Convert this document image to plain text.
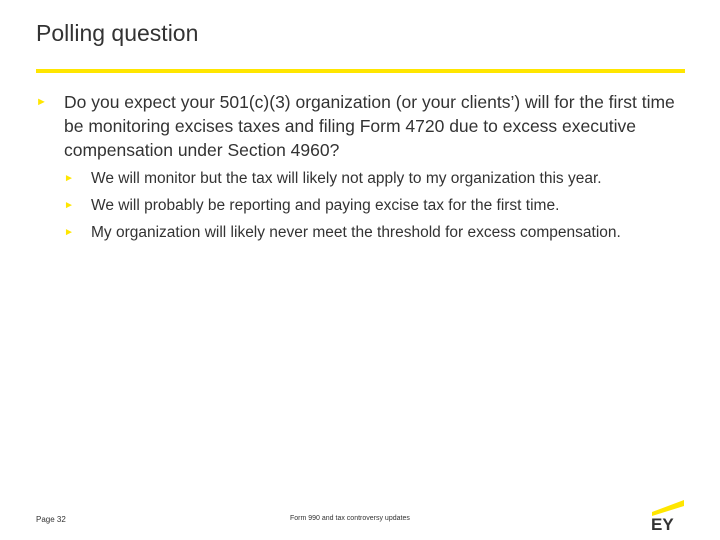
Polling question
► Do you expect your 501(c)(3) organization (or your clients’) will for the first time be monitoring excises taxes and filing Form 4720 due to excess executive compensation under Section 4960?
►	We will monitor but the tax will likely not apply to my organization this year.
►	We will probably be reporting and paying excise tax for the first time.
►	My organization will likely never meet the threshold for excess compensation.
Page 32	Form 990 and tax controversy updates	EY
